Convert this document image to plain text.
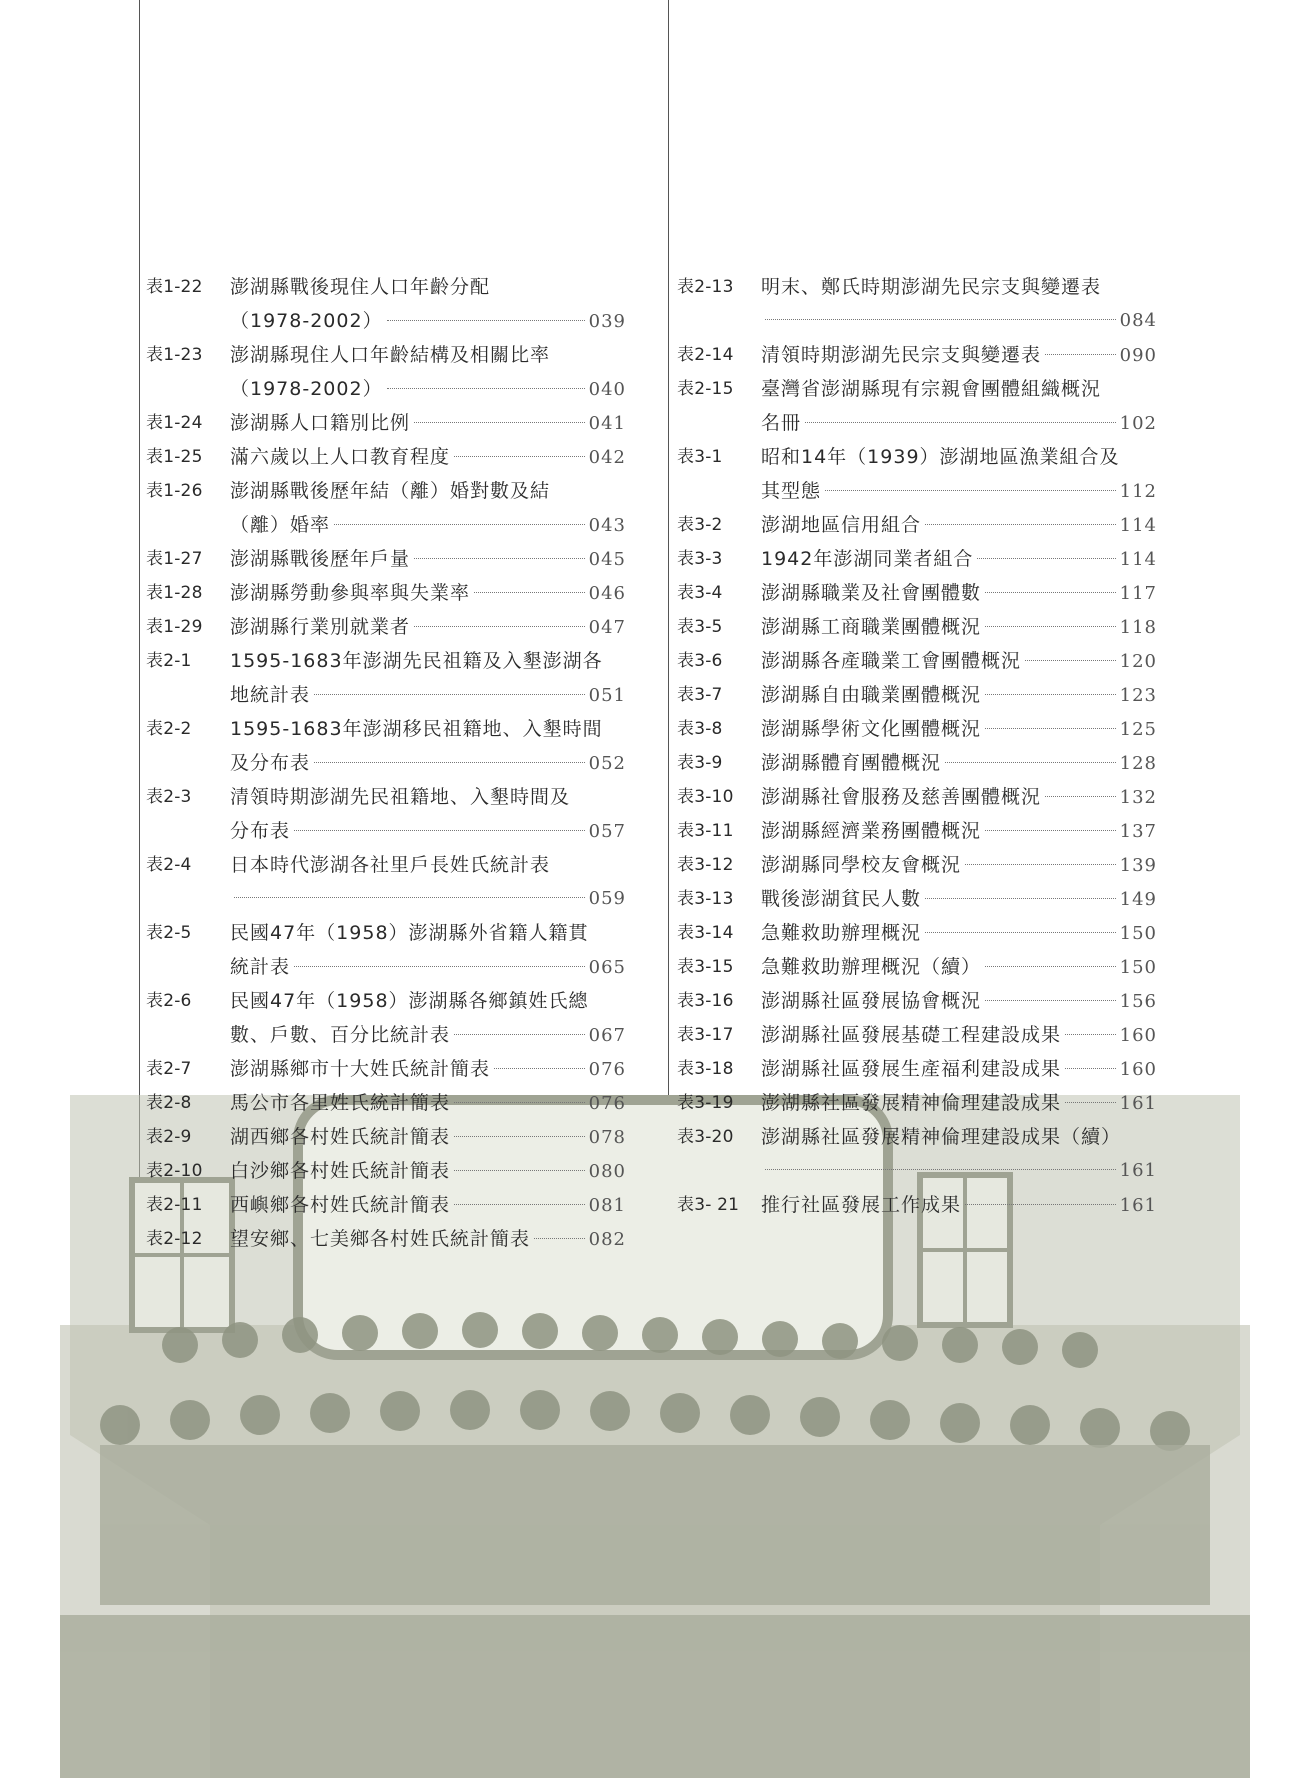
表1-22	澎湖縣戰後現住人口年齡分配
（1978-2002）	039
表1-23	澎湖縣現住人口年齡結構及相關比率
（1978-2002）	040
表1-24	澎湖縣人口籍別比例	041
表1-25	滿六歲以上人口教育程度	042
表1-26	澎湖縣戰後歷年結（離）婚對數及結
（離）婚率	043
表1-27	澎湖縣戰後歷年戶量	045
表1-28	澎湖縣勞動參與率與失業率	046
表1-29	澎湖縣行業別就業者	047
表2-1	1595-1683年澎湖先民祖籍及入墾澎湖各
地統計表	051
表2-2	1595-1683年澎湖移民祖籍地、入墾時間
及分布表	052
表2-3	清領時期澎湖先民祖籍地、入墾時間及
分布表	057
表2-4	日本時代澎湖各社里戶長姓氏統計表
059
表2-5	民國47年（1958）澎湖縣外省籍人籍貫
統計表	065
表2-6	民國47年（1958）澎湖縣各鄉鎮姓氏總
數、戶數、百分比統計表	067
表2-7	澎湖縣鄉市十大姓氏統計簡表	076
表2-8	馬公市各里姓氏統計簡表	076
表2-9	湖西鄉各村姓氏統計簡表	078
表2-10	白沙鄉各村姓氏統計簡表	080
表2-11	西嶼鄉各村姓氏統計簡表	081
表2-12	望安鄉、七美鄉各村姓氏統計簡表	082
表2-13	明末、鄭氏時期澎湖先民宗支與變遷表
084
表2-14	清領時期澎湖先民宗支與變遷表	090
表2-15	臺灣省澎湖縣現有宗親會團體組織概況
名冊	102
表3-1	昭和14年（1939）澎湖地區漁業組合及
其型態	112
表3-2	澎湖地區信用組合	114
表3-3	1942年澎湖同業者組合	114
表3-4	澎湖縣職業及社會團體數	117
表3-5	澎湖縣工商職業團體概況	118
表3-6	澎湖縣各產職業工會團體概況	120
表3-7	澎湖縣自由職業團體概況	123
表3-8	澎湖縣學術文化團體概況	125
表3-9	澎湖縣體育團體概況	128
表3-10	澎湖縣社會服務及慈善團體概況	132
表3-11	澎湖縣經濟業務團體概況	137
表3-12	澎湖縣同學校友會概況	139
表3-13	戰後澎湖貧民人數	149
表3-14	急難救助辦理概況	150
表3-15	急難救助辦理概況（續）	150
表3-16	澎湖縣社區發展協會概況	156
表3-17	澎湖縣社區發展基礎工程建設成果	160
表3-18	澎湖縣社區發展生產福利建設成果	160
表3-19	澎湖縣社區發展精神倫理建設成果	161
表3-20	澎湖縣社區發展精神倫理建設成果（續）
161
表3- 21	推行社區發展工作成果	161
